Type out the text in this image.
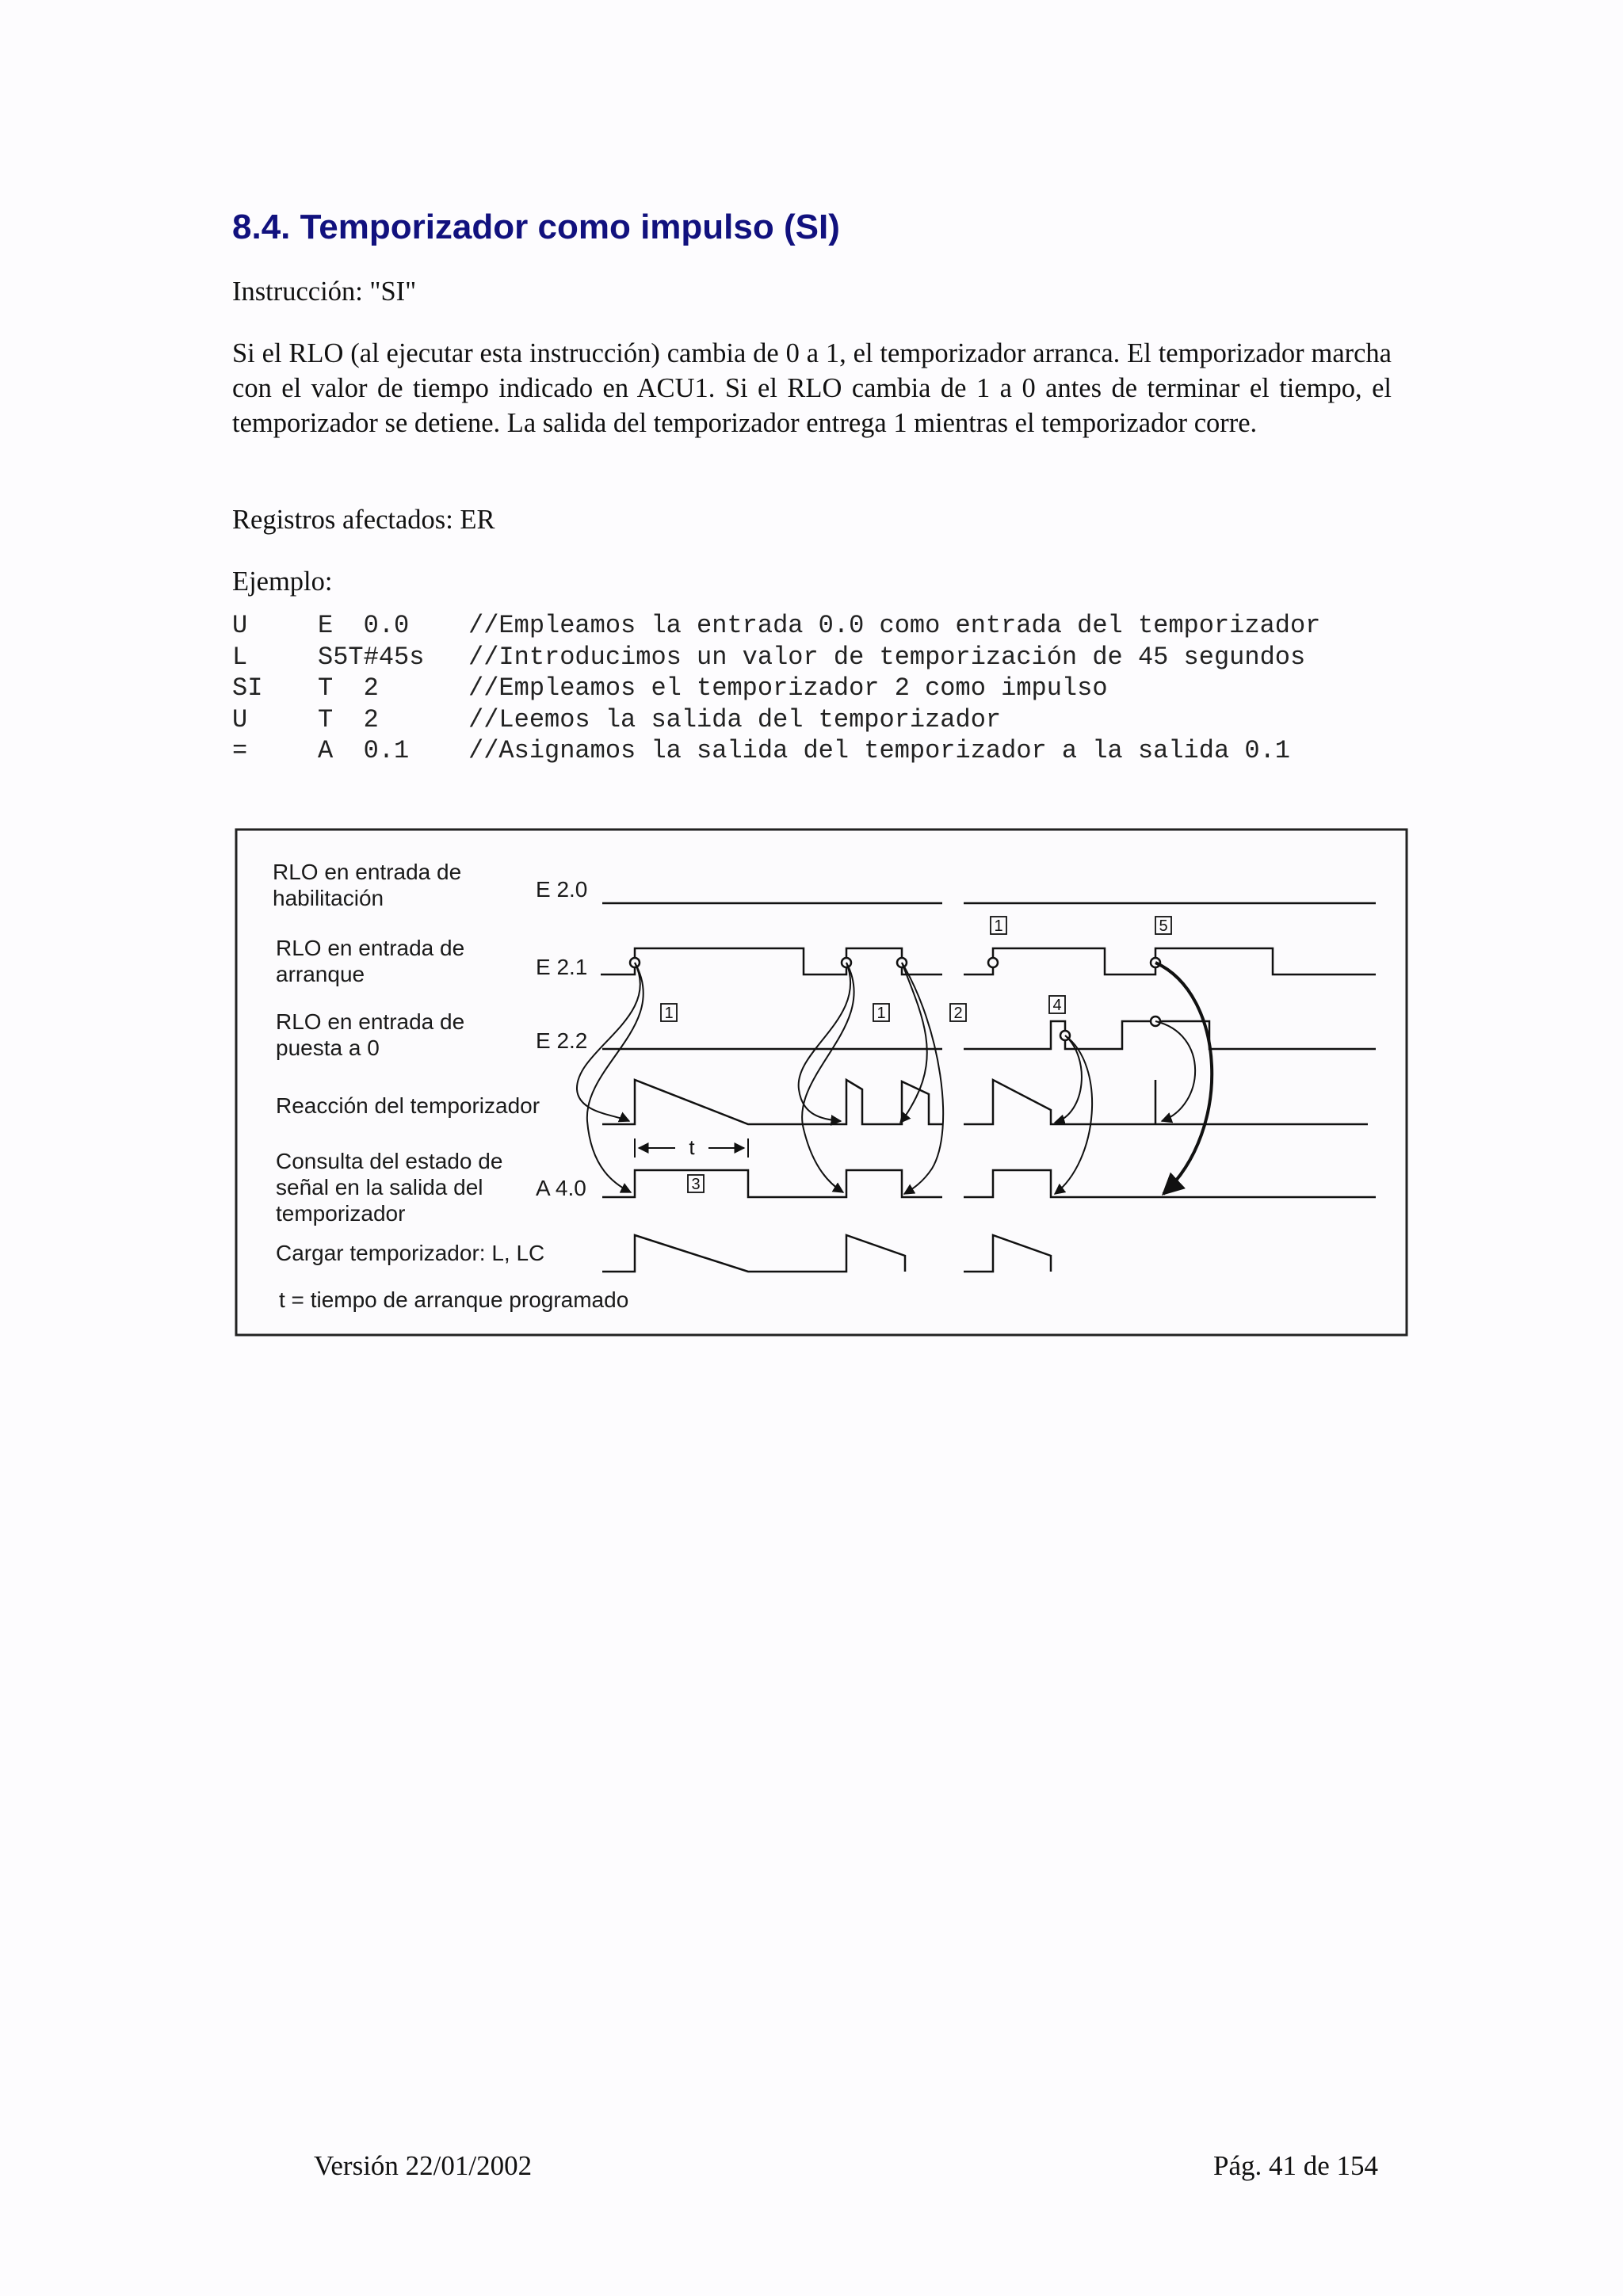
8.4. Temporizador como impulso (SI)

Instrucción: "SI"

Si el RLO (al ejecutar esta instrucción) cambia de 0 a 1, el temporizador arranca. El temporizador marcha con el valor de tiempo indicado en ACU1. Si el RLO cambia de 1 a 0 antes de terminar el tiempo, el temporizador se detiene. La salida del temporizador entrega 1 mientras el temporizador corre.

Registros afectados: ER

Ejemplo:

U	E  0.0 //Empleamos la entrada 0.0 como entrada del temporizador
L	S5T#45s //Introducimos un valor de temporización de 45 segundos
SI T  2	//Empleamos el temporizador 2 como impulso
U	T  2	//Leemos la salida del temporizador
=	A  0.1 //Asignamos la salida del temporizador a la salida 0.1
RLO en entrada de habilitación	E 2.0
RLO en entrada de arranque	E 2.1
RLO en entrada de puesta a 0	E 2.2
Reacción del temporizador
Consulta del estado de señal en la salida del temporizador
A 4.0
Cargar temporizador: L, LC
t = tiempo de arranque programado
1	1	2
3
4
1	5
t

Versión 22/01/2002	Pág. 41 de 154
